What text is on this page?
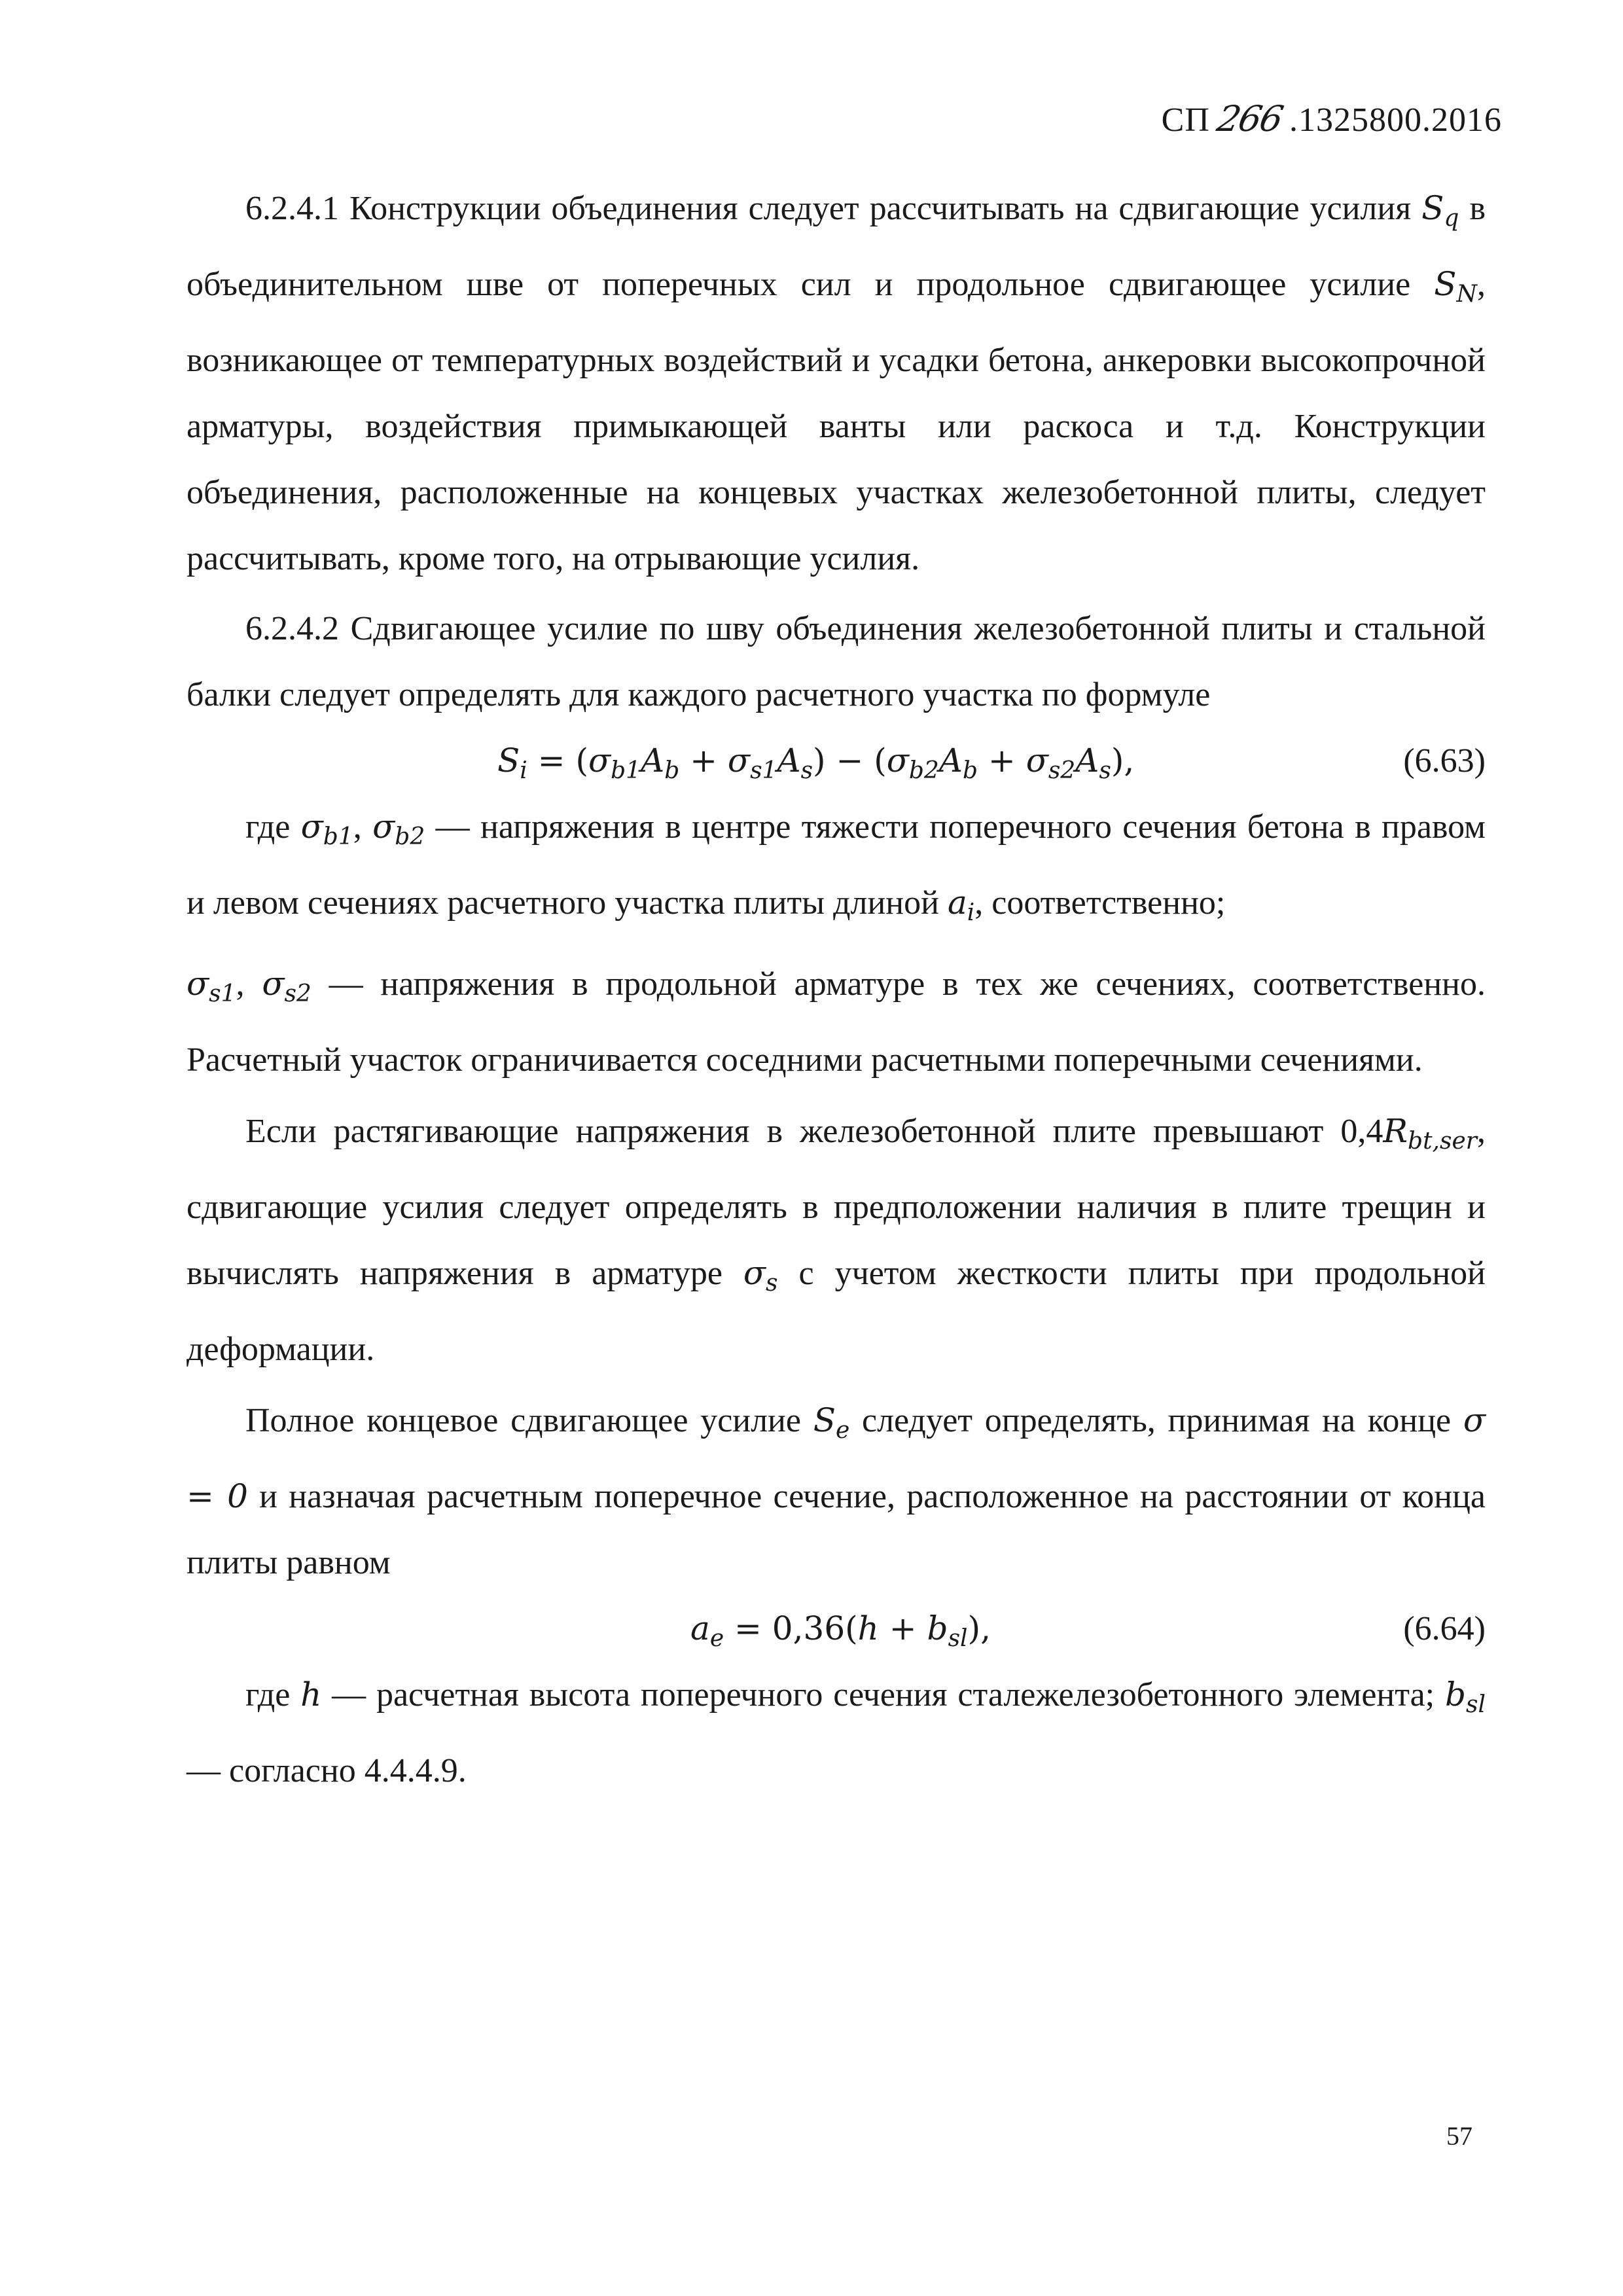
СП266 .1325800.2016

6.2.4.1 Конструкции объединения следует рассчитывать на сдвигающие усилия $S_q$ в объединительном шве от поперечных сил и продольное сдвигающее усилие $S_N$, возникающее от температурных воздействий и усадки бетона, анкеровки высокопрочной арматуры, воздействия примыкающей ванты или раскоса и т.д. Конструкции объединения, расположенные на концевых участках железобетонной плиты, следует рассчитывать, кроме того, на отрывающие усилия.

6.2.4.2 Сдвигающее усилие по шву объединения железобетонной плиты и стальной балки следует определять для каждого расчетного участка по формуле

$S_i = (\sigma_{b1}A_b + \sigma_{s1}A_s) - (\sigma_{b2}A_b + \sigma_{s2}A_s)$,	(6.63)

где $\sigma_{b1}$, $\sigma_{b2}$ — напряжения в центре тяжести поперечного сечения бетона в правом и левом сечениях расчетного участка плиты длиной $a_i$, соответственно;

$\sigma_{s1}$, $\sigma_{s2}$ — напряжения в продольной арматуре в тех же сечениях, соответственно. Расчетный участок ограничивается соседними расчетными поперечными сечениями.

Если растягивающие напряжения в железобетонной плите превышают $0,4R_{bt,ser}$, сдвигающие усилия следует определять в предположении наличия в плите трещин и вычислять напряжения в арматуре $\sigma_s$ с учетом жесткости плиты при продольной деформации.

Полное концевое сдвигающее усилие $S_e$ следует определять, принимая на конце σ = 0 и назначая расчетным поперечное сечение, расположенное на расстоянии от конца плиты равном

$a_e = 0,36(h + b_{sl})$,	(6.64)

где h — расчетная высота поперечного сечения сталежелезобетонного элемента; $b_{sl}$ — согласно 4.4.4.9.

57
